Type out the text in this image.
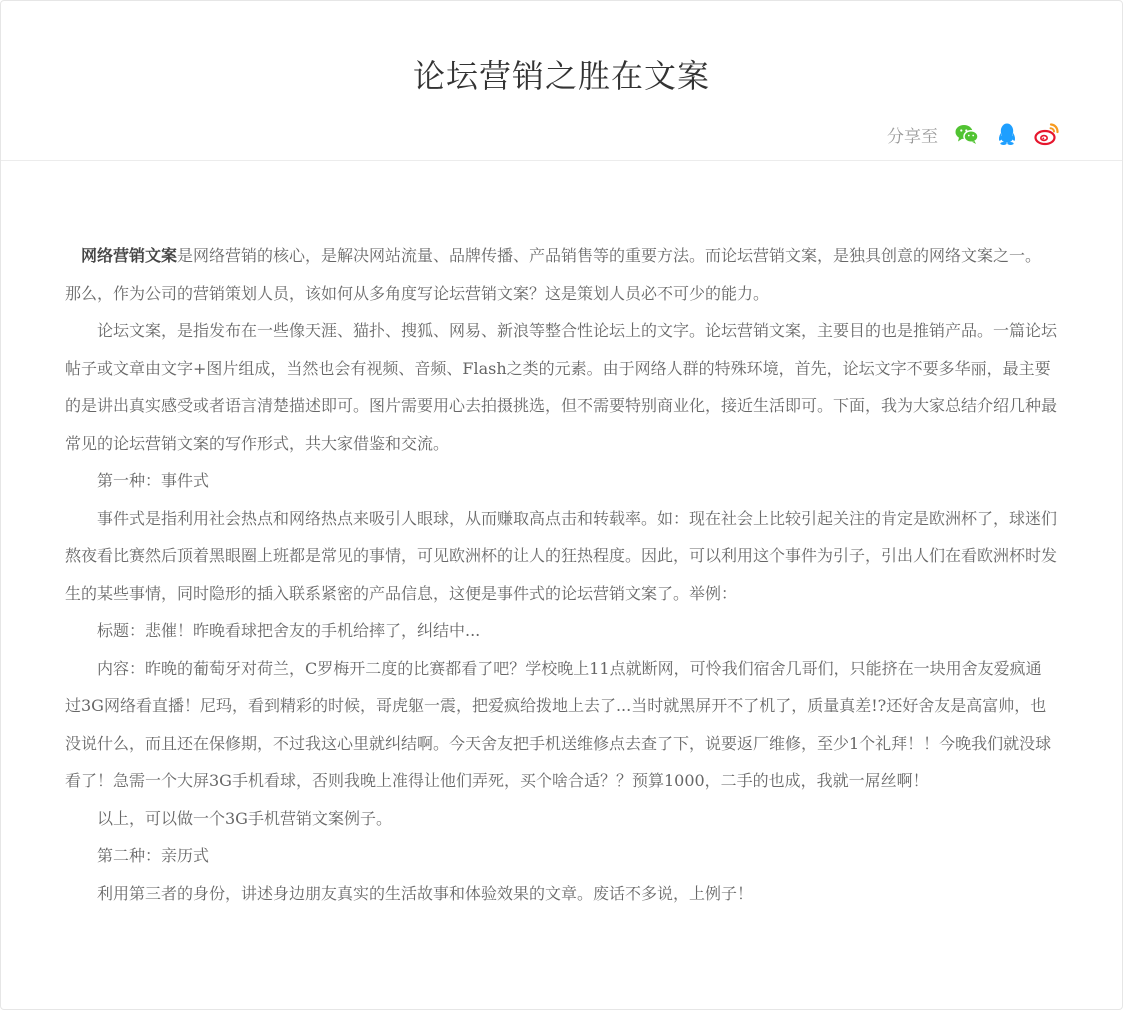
论坛营销之胜在文案
分享至

网络营销文案是网络营销的核心，是解决网站流量、品牌传播、产品销售等的重要方法。而论坛营销文案，是独具创意的网络文案之一。那么，作为公司的营销策划人员，该如何从多角度写论坛营销文案？这是策划人员必不可少的能力。

论坛文案，是指发布在一些像天涯、猫扑、搜狐、网易、新浪等整合性论坛上的文字。论坛营销文案，主要目的也是推销产品。一篇论坛帖子或文章由文字+图片组成，当然也会有视频、音频、Flash之类的元素。由于网络人群的特殊环境，首先，论坛文字不要多华丽，最主要的是讲出真实感受或者语言清楚描述即可。图片需要用心去拍摄挑选，但不需要特别商业化，接近生活即可。下面，我为大家总结介绍几种最常见的论坛营销文案的写作形式，共大家借鉴和交流。

第一种：事件式

事件式是指利用社会热点和网络热点来吸引人眼球，从而赚取高点击和转载率。如：现在社会上比较引起关注的肯定是欧洲杯了，球迷们熬夜看比赛然后顶着黑眼圈上班都是常见的事情，可见欧洲杯的让人的狂热程度。因此，可以利用这个事件为引子，引出人们在看欧洲杯时发生的某些事情，同时隐形的插入联系紧密的产品信息，这便是事件式的论坛营销文案了。举例：

标题：悲催！昨晚看球把舍友的手机给摔了，纠结中...

内容：昨晚的葡萄牙对荷兰，C罗梅开二度的比赛都看了吧？学校晚上11点就断网，可怜我们宿舍几哥们，只能挤在一块用舍友爱疯通过3G网络看直播！尼玛，看到精彩的时候，哥虎躯一震，把爱疯给拨地上去了...当时就黑屏开不了机了，质量真差!?还好舍友是高富帅，也没说什么，而且还在保修期，不过我这心里就纠结啊。今天舍友把手机送维修点去查了下，说要返厂维修，至少1个礼拜！！今晚我们就没球看了！急需一个大屏3G手机看球，否则我晚上准得让他们弄死，买个啥合适？？预算1000，二手的也成，我就一屌丝啊！

以上，可以做一个3G手机营销文案例子。

第二种：亲历式

利用第三者的身份，讲述身边朋友真实的生活故事和体验效果的文章。废话不多说，上例子！
